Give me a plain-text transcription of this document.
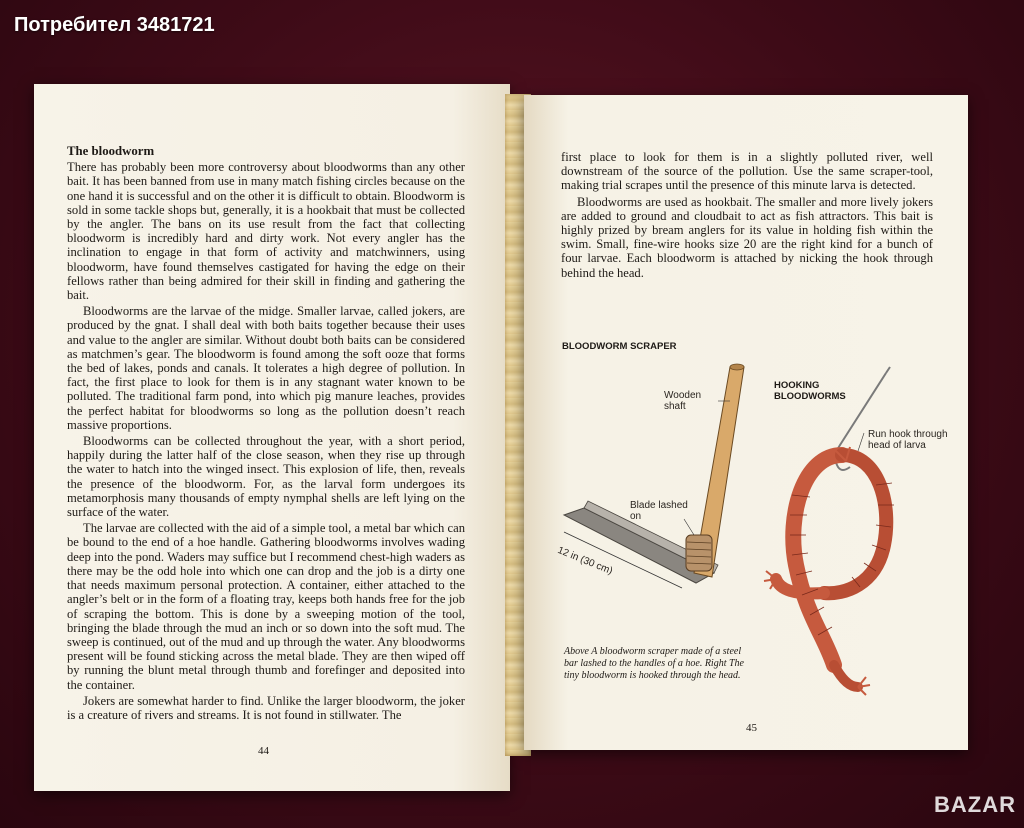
Потребител 3481721

The bloodworm

There has probably been more controversy about bloodworms than any other bait. It has been banned from use in many match fishing circles because on the one hand it is successful and on the other it is difficult to obtain. Bloodworm is sold in some tackle shops but, generally, it is a hookbait that must be collected by the angler. The bans on its use result from the fact that collecting bloodworm is incredibly hard and dirty work. Not every angler has the inclination to engage in that form of activity and matchwinners, using bloodworm, have found themselves castigated for having the edge on their fellows rather than being admired for their skill in finding and gathering the bait.

Bloodworms are the larvae of the midge. Smaller larvae, called jokers, are produced by the gnat. I shall deal with both baits together because their uses and value to the angler are similar. Without doubt both baits can be considered as matchmen’s gear. The bloodworm is found among the soft ooze that forms the bed of lakes, ponds and canals. It tolerates a high degree of pollution. In fact, the first place to look for them is in any stagnant water known to be polluted. The traditional farm pond, into which pig manure leaches, provides the perfect habitat for bloodworms so long as the pollution doesn’t reach massive proportions.

Bloodworms can be collected throughout the year, with a short period, happily during the latter half of the close season, when they rise up through the water to hatch into the winged insect. This explosion of life, then, reveals the presence of the bloodworm. For, as the larval form undergoes its metamorphosis many thousands of empty nymphal shells are left lying on the surface of the water.

The larvae are collected with the aid of a simple tool, a metal bar which can be bound to the end of a hoe handle. Gathering bloodworms involves wading deep into the pond. Waders may suffice but I recommend chest-high waders as there may be the odd hole into which one can drop and the job is a dirty one that needs maximum personal protection. A container, either attached to the angler’s belt or in the form of a floating tray, keeps both hands free for the job of scraping the bottom. This is done by a sweeping motion of the tool, bringing the blade through the mud an inch or so down into the soft mud. The sweep is continued, out of the mud and up through the water. Any bloodworms present will be found sticking across the metal blade. They are then wiped off by running the blunt metal through thumb and forefinger and deposited into the container.

Jokers are somewhat harder to find. Unlike the larger bloodworm, the joker is a creature of rivers and streams. It is not found in stillwater. The

44

first place to look for them is in a slightly polluted river, well downstream of the source of the pollution. Use the same scraper-tool, making trial scrapes until the presence of this minute larva is detected.

Bloodworms are used as hookbait. The smaller and more lively jokers are added to ground and cloudbait to act as fish attractors. This bait is highly prized by bream anglers for its value in holding fish within the swim. Small, fine-wire hooks size 20 are the right kind for a bunch of four larvae. Each bloodworm is attached by nicking the hook through behind the head.

BLOODWORM SCRAPER
HOOKING BLOODWORMS
Wooden shaft
Blade lashed on
12 in (30 cm)
Run hook through head of larva
Above A bloodworm scraper made of a steel bar lashed to the handles of a hoe. Right The tiny bloodworm is hooked through the head.
45
BAZAR
